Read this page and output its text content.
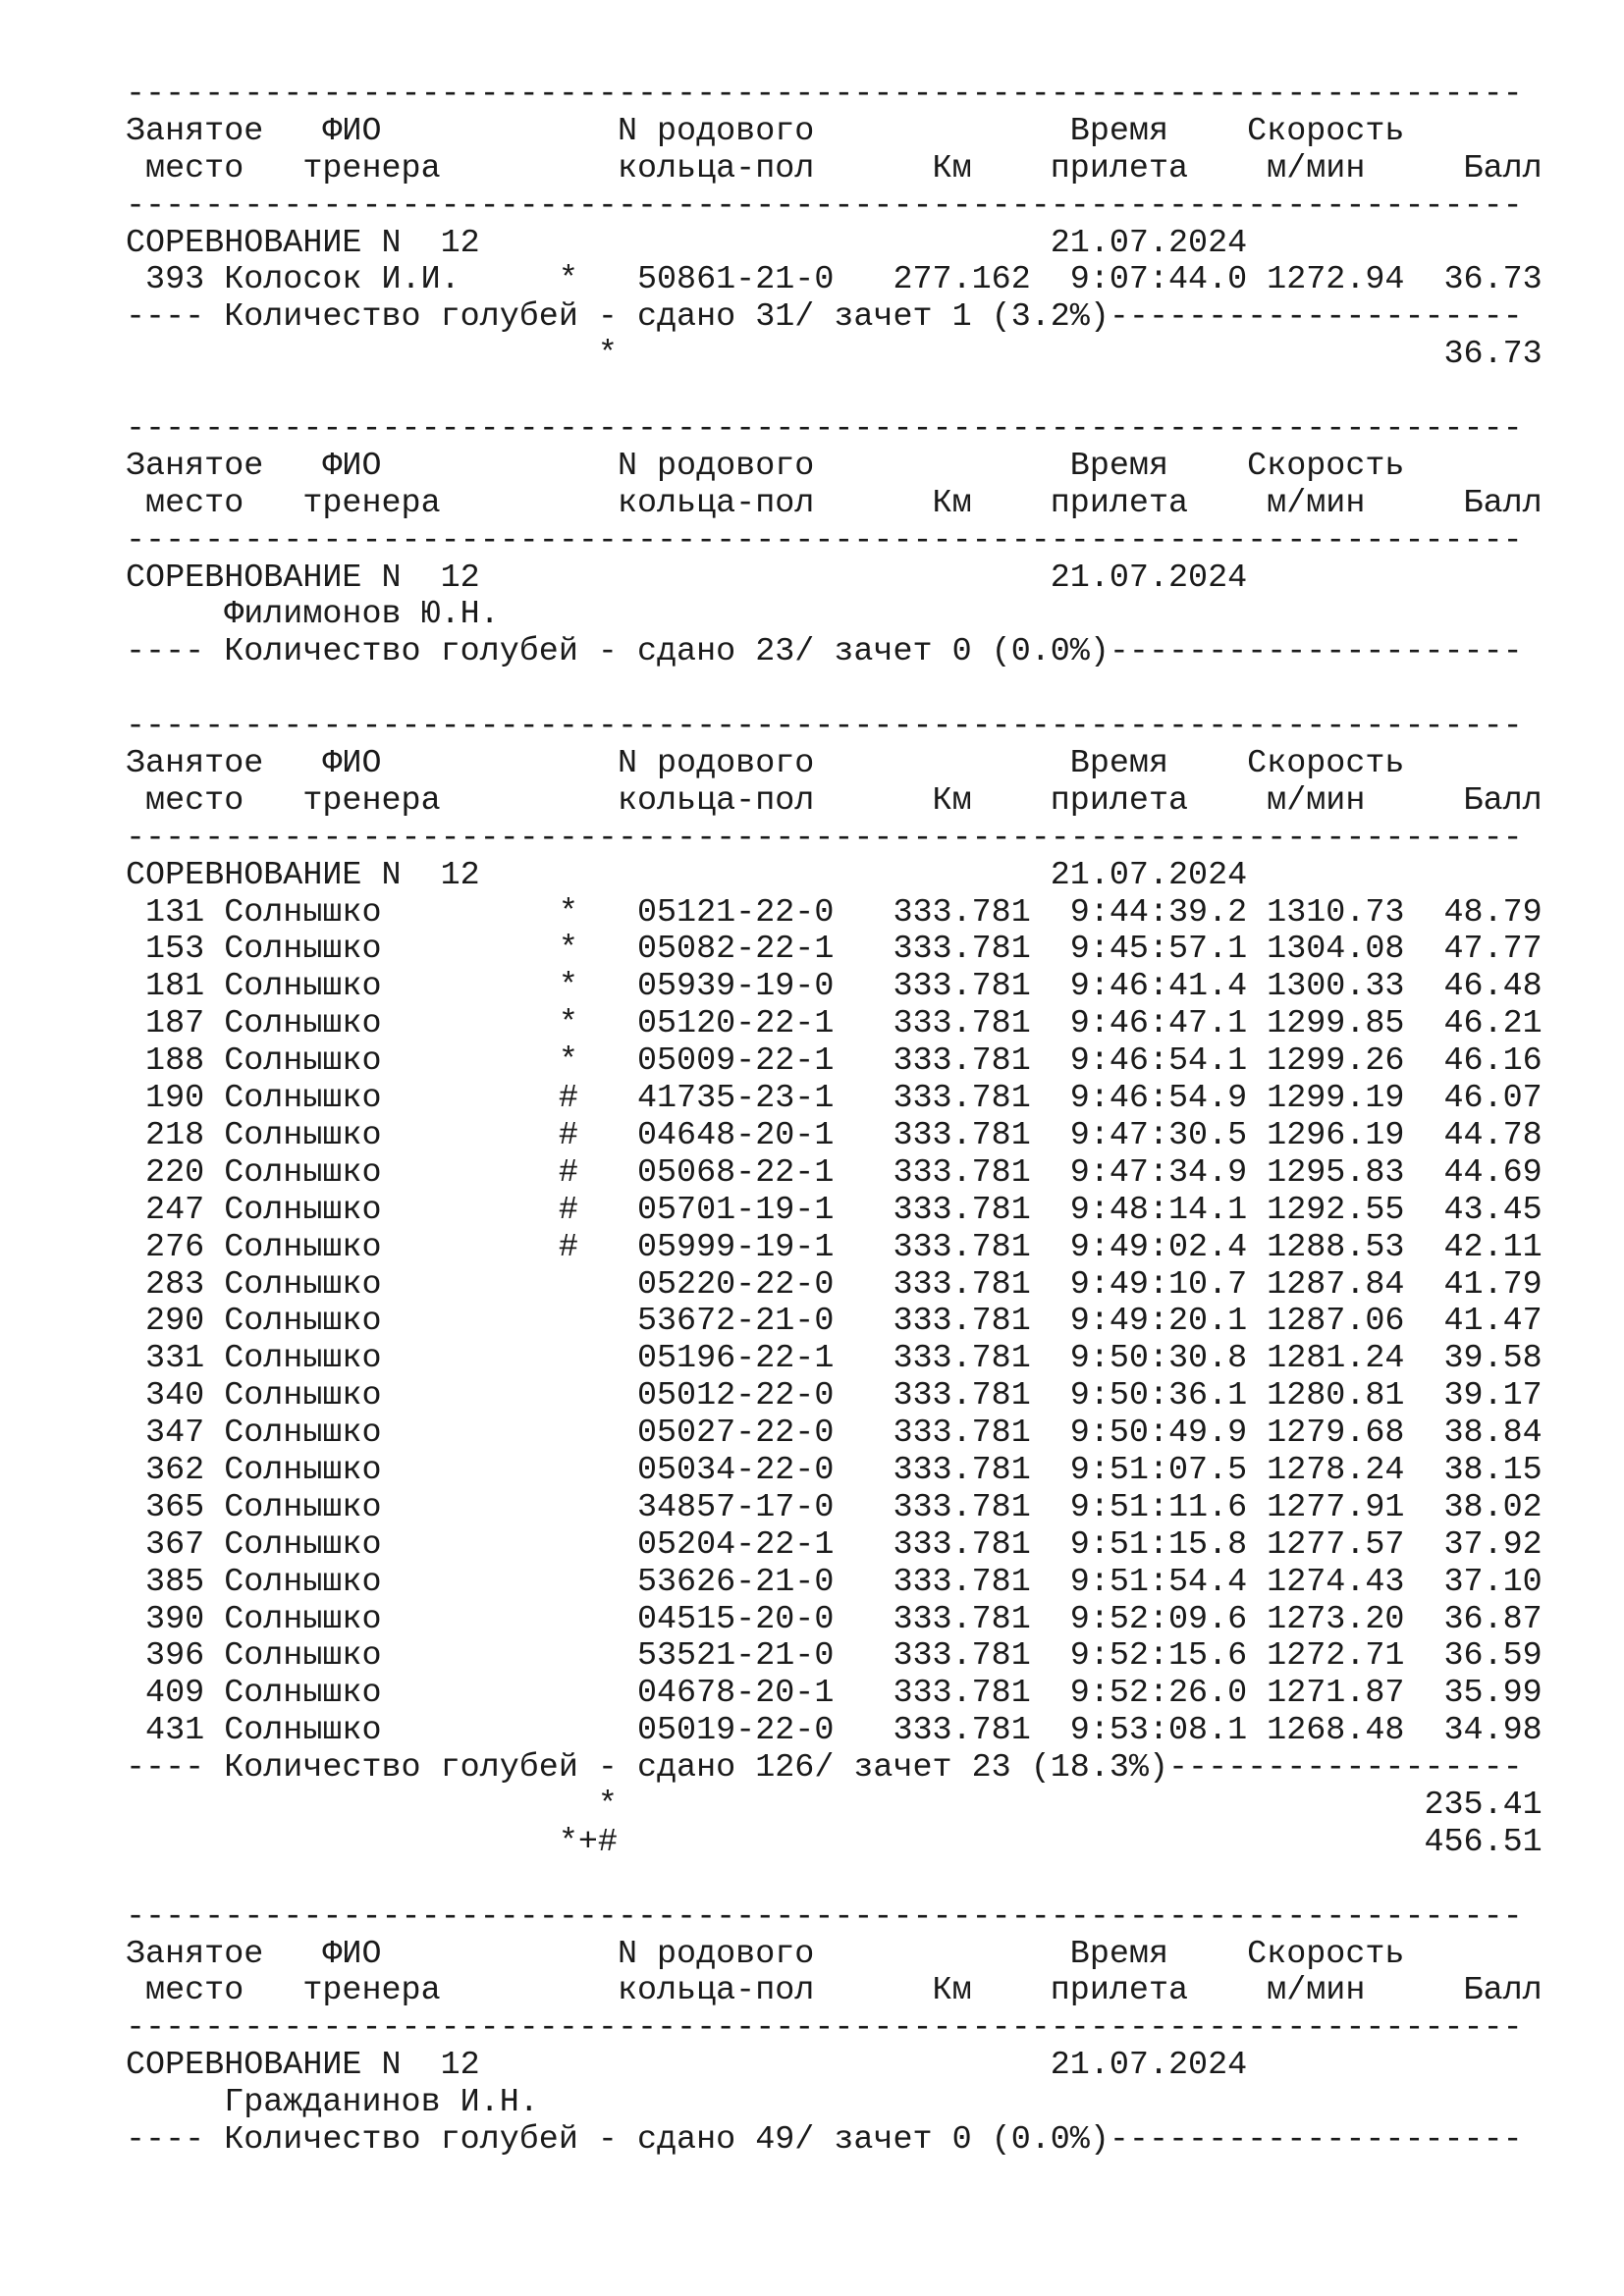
-----------------------------------------------------------------------
Занятое   ФИО            N родового             Время    Скорость
место   тренера         кольца-пол      Км    прилета    м/мин     Балл
-----------------------------------------------------------------------
СОРЕВНОВАНИЕ N  12                             21.07.2024
393 Колосок И.И.     *   50861-21-0   277.162  9:07:44.0 1272.94  36.73
---- Количество голубей - сдано 31/ зачет 1 (3.2%)---------------------
*                                          36.73
-----------------------------------------------------------------------
Занятое   ФИО            N родового             Время    Скорость
место   тренера         кольца-пол      Км    прилета    м/мин     Балл
-----------------------------------------------------------------------
СОРЕВНОВАНИЕ N  12                             21.07.2024
Филимонов Ю.Н.
---- Количество голубей - сдано 23/ зачет 0 (0.0%)---------------------
-----------------------------------------------------------------------
Занятое   ФИО            N родового             Время    Скорость
место   тренера         кольца-пол      Км    прилета    м/мин     Балл
-----------------------------------------------------------------------
СОРЕВНОВАНИЕ N  12                             21.07.2024
131 Солнышко         *   05121-22-0   333.781  9:44:39.2 1310.73  48.79
153 Солнышко         *   05082-22-1   333.781  9:45:57.1 1304.08  47.77
181 Солнышко         *   05939-19-0   333.781  9:46:41.4 1300.33  46.48
187 Солнышко         *   05120-22-1   333.781  9:46:47.1 1299.85  46.21
188 Солнышко         *   05009-22-1   333.781  9:46:54.1 1299.26  46.16
190 Солнышко         #   41735-23-1   333.781  9:46:54.9 1299.19  46.07
218 Солнышко         #   04648-20-1   333.781  9:47:30.5 1296.19  44.78
220 Солнышко         #   05068-22-1   333.781  9:47:34.9 1295.83  44.69
247 Солнышко         #   05701-19-1   333.781  9:48:14.1 1292.55  43.45
276 Солнышко         #   05999-19-1   333.781  9:49:02.4 1288.53  42.11
283 Солнышко             05220-22-0   333.781  9:49:10.7 1287.84  41.79
290 Солнышко             53672-21-0   333.781  9:49:20.1 1287.06  41.47
331 Солнышко             05196-22-1   333.781  9:50:30.8 1281.24  39.58
340 Солнышко             05012-22-0   333.781  9:50:36.1 1280.81  39.17
347 Солнышко             05027-22-0   333.781  9:50:49.9 1279.68  38.84
362 Солнышко             05034-22-0   333.781  9:51:07.5 1278.24  38.15
365 Солнышко             34857-17-0   333.781  9:51:11.6 1277.91  38.02
367 Солнышко             05204-22-1   333.781  9:51:15.8 1277.57  37.92
385 Солнышко             53626-21-0   333.781  9:51:54.4 1274.43  37.10
390 Солнышко             04515-20-0   333.781  9:52:09.6 1273.20  36.87
396 Солнышко             53521-21-0   333.781  9:52:15.6 1272.71  36.59
409 Солнышко             04678-20-1   333.781  9:52:26.0 1271.87  35.99
431 Солнышко             05019-22-0   333.781  9:53:08.1 1268.48  34.98
---- Количество голубей - сдано 126/ зачет 23 (18.3%)------------------
*                                         235.41
*+#                                         456.51
-----------------------------------------------------------------------
Занятое   ФИО            N родового             Время    Скорость
место   тренера         кольца-пол      Км    прилета    м/мин     Балл
-----------------------------------------------------------------------
СОРЕВНОВАНИЕ N  12                             21.07.2024
Гражданинов И.Н.
---- Количество голубей - сдано 49/ зачет 0 (0.0%)---------------------
